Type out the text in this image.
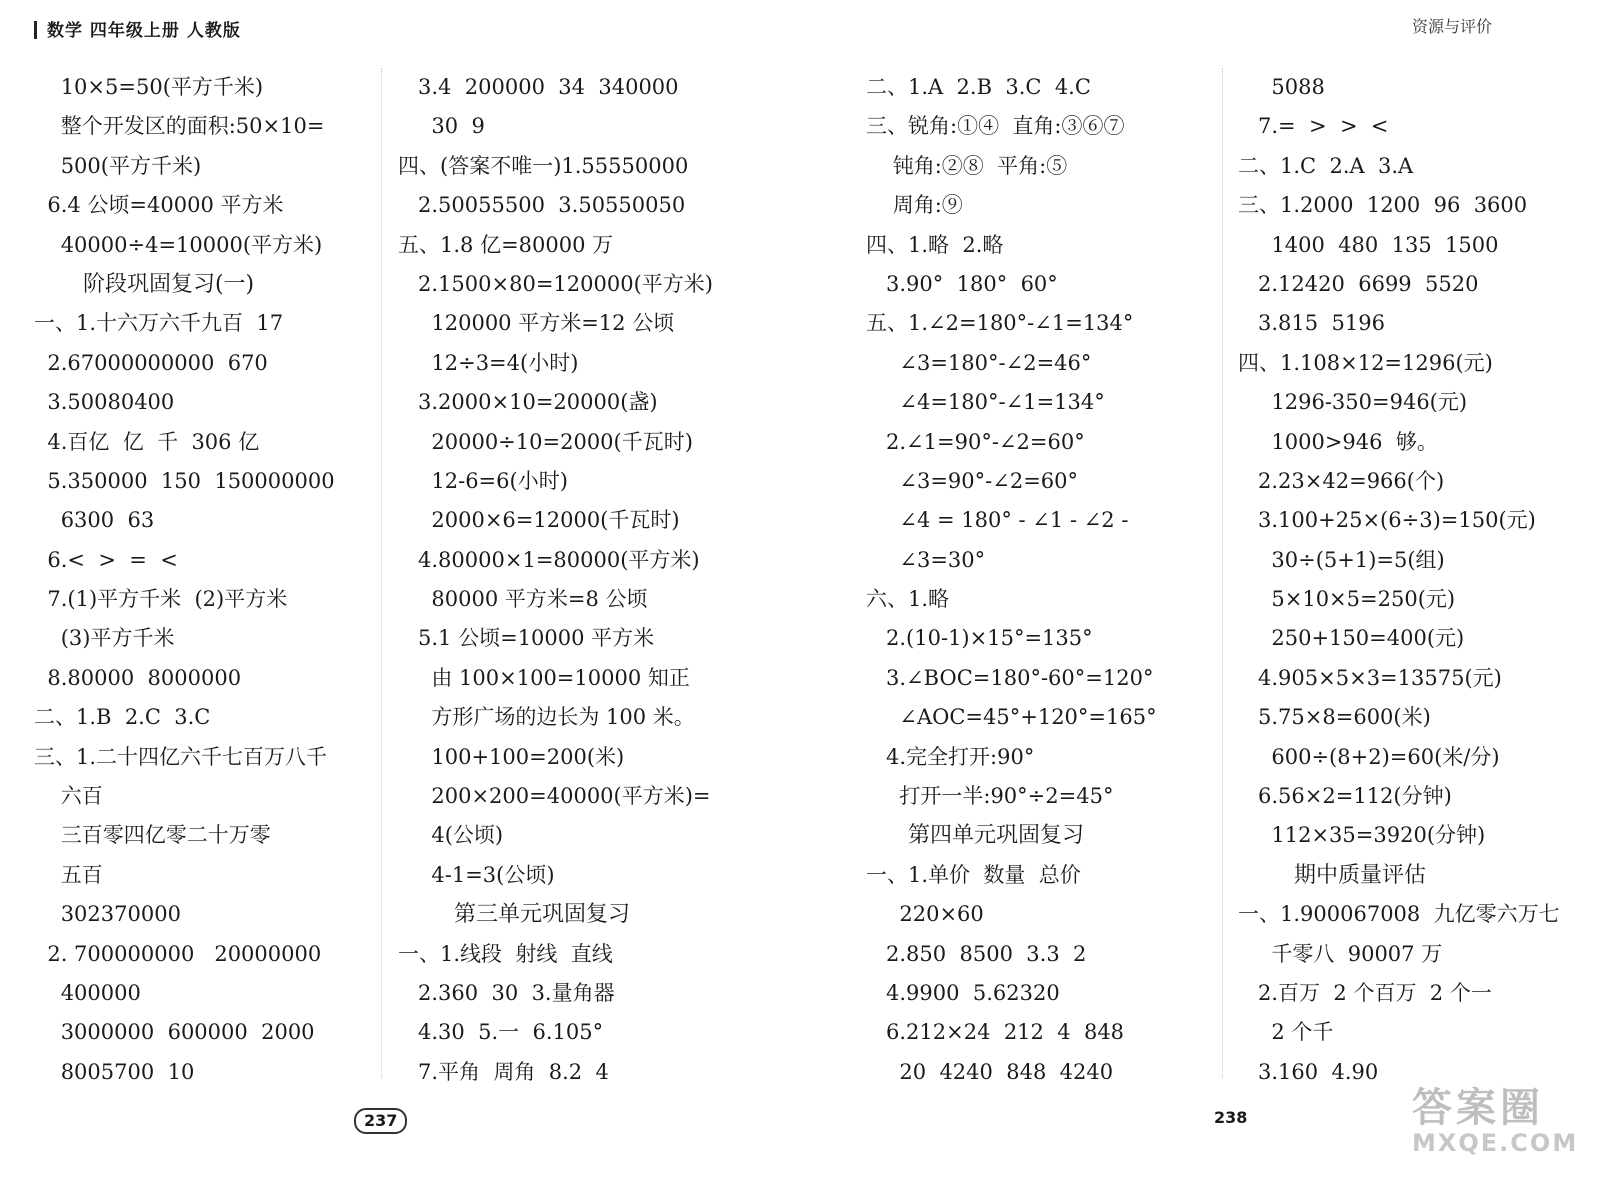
数学 四年级上册 人教版	资源与评价
10×5=50(平方千米)
整个开发区的面积:50×10=
500(平方千米)
6.4 公顷=40000 平方米
40000÷4=10000(平方米)
阶段巩固复习(一)
一、1.十六万六千九百  17
2.67000000000  670
3.50080400
4.百亿  亿  千  306 亿
5.350000  150  150000000
6300  63
6.<  >  =  <
7.(1)平方千米  (2)平方米
(3)平方千米
8.80000  8000000
二、1.B  2.C  3.C
三、1.二十四亿六千七百万八千
六百
三百零四亿零二十万零
五百
302370000
2. 700000000   20000000
400000
3000000  600000  2000
8005700  10
3.4  200000  34  340000
30  9
四、(答案不唯一)1.55550000
2.50055500  3.50550050
五、1.8 亿=80000 万
2.1500×80=120000(平方米)
120000 平方米=12 公顷
12÷3=4(小时)
3.2000×10=20000(盏)
20000÷10=2000(千瓦时)
12-6=6(小时)
2000×6=12000(千瓦时)
4.80000×1=80000(平方米)
80000 平方米=8 公顷
5.1 公顷=10000 平方米
由 100×100=10000 知正
方形广场的边长为 100 米。
100+100=200(米)
200×200=40000(平方米)=
4(公顷)
4-1=3(公顷)
第三单元巩固复习
一、1.线段  射线  直线
2.360  30  3.量角器
4.30  5.一  6.105°
7.平角  周角  8.2  4
二、1.A  2.B  3.C  4.C
三、锐角:①④  直角:③⑥⑦
钝角:②⑧  平角:⑤
周角:⑨
四、1.略  2.略
3.90°  180°  60°
五、1.∠2=180°-∠1=134°
∠3=180°-∠2=46°
∠4=180°-∠1=134°
2.∠1=90°-∠2=60°
∠3=90°-∠2=60°
∠4 = 180° - ∠1 - ∠2 -
∠3=30°
六、1.略
2.(10-1)×15°=135°
3.∠BOC=180°-60°=120°
∠AOC=45°+120°=165°
4.完全打开:90°
打开一半:90°÷2=45°
第四单元巩固复习
一、1.单价  数量  总价
220×60
2.850  8500  3.3  2
4.9900  5.62320
6.212×24  212  4  848
20  4240  848  4240
5088
7.=  >  >  <
二、1.C  2.A  3.A
三、1.2000  1200  96  3600
1400  480  135  1500
2.12420  6699  5520
3.815  5196
四、1.108×12=1296(元)
1296-350=946(元)
1000>946  够。
2.23×42=966(个)
3.100+25×(6÷3)=150(元)
30÷(5+1)=5(组)
5×10×5=250(元)
250+150=400(元)
4.905×5×3=13575(元)
5.75×8=600(米)
600÷(8+2)=60(米/分)
6.56×2=112(分钟)
112×35=3920(分钟)
期中质量评估
一、1.900067008  九亿零六万七
千零八  90007 万
2.百万  2 个百万  2 个一
2 个千
3.160  4.90
237	238	答案圈
MXQE.COM
